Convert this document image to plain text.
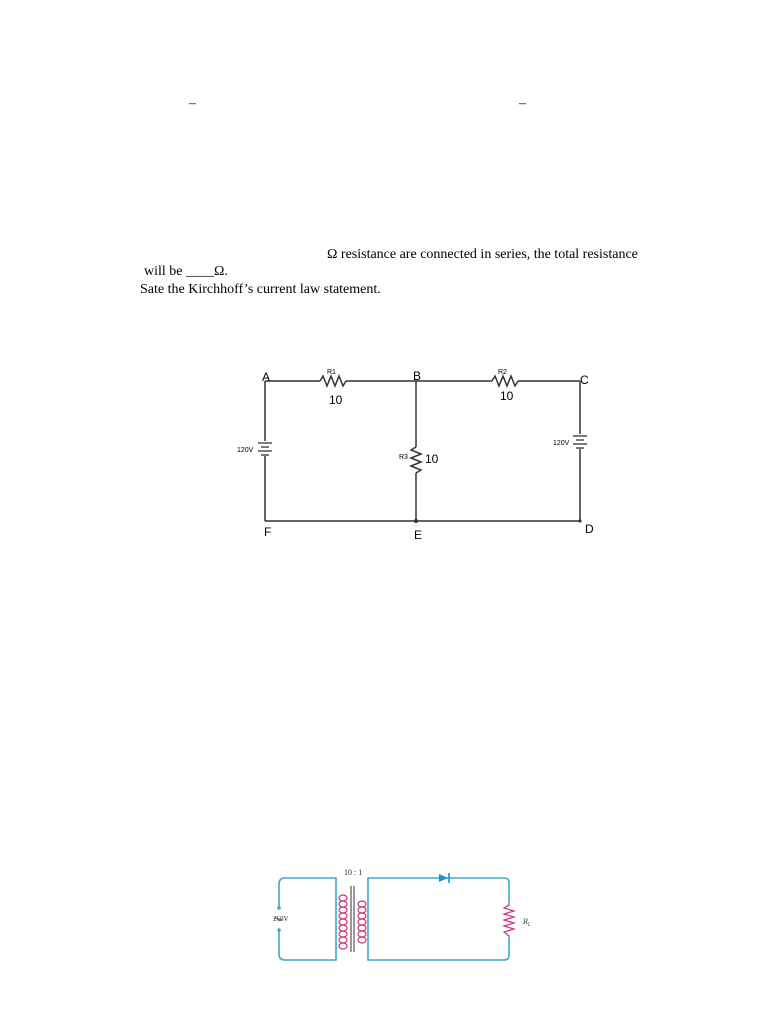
–	–
Ω resistance are connected in series, the total resistance
will be ____Ω.
Sate the Kirchhoff’s current law statement.
A	B	C
D
E
F
R1
10
R2
10
R3 10
120V
120V
10 : 1
260V	$R_L$
